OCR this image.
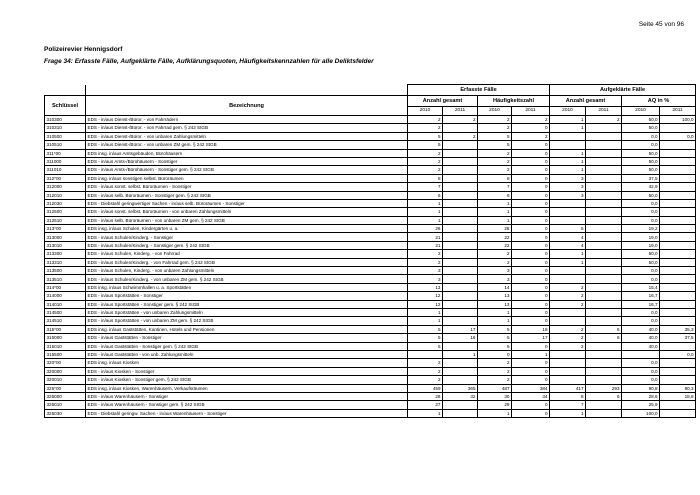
Seite 45 von 96
Polizeirevier Hennigsdorf
Frage 34: Erfasste Fälle, Aufgeklärte Fälle, Aufklärungsquoten, Häufigkeitskennzahlen für alle Deliktsfelder
		Erfasste Fälle				Aufgeklärte Fälle			
Schlüssel	Bezeichnung	Anzahl gesamt		Häufigkeitszahl		Anzahl gesamt		AQ in %	
		2010	2011	2010	2011	2010	2011	2010	2011
310300	EDS - in/aus Dienst-/Büror. - von Fahrrädern	2	2	2	2	1	2	50,0	100,0
310310	EDS - in/aus Dienst-/Büror. - von Fahrrad gem. § 242 StGB	2		2	0	1		50,0	
310500	EDS - in/aus Dienst-/Büror. - von unbaren Zahlungsmitteln	5	2	5	2			0,0	0,0
310510	EDS - in/aus Dienst-/Büror. - von unbaren ZM gem. § 242 StGB	5		5	0			0,0	
311*00	EDS insg. in/aus Amtsgebäuden, Bürohäusern	2		2	0	1		50,0	
311000	EDS - in/aus Amts-/Bürohäusern - Sonstiger	2		2	0	1		50,0	
311010	EDS - in/aus Amts-/Bürohäusern - Sonstiger gem. § 242 StGB	2		2	0	1		50,0	
312*00	EDS insg. in/aus sonstigen selbst. Büroräumen	8		8	0	3		37,5	
312000	EDS - in/aus sonst. selbst. Büroräumen - Sonstiger	7		7	0	3		42,9	
312010	EDS - in/aus selb. Büroräumen - Sonstiger gem. § 242 StGB	6		6	0	3		50,0	
312030	EDS - Diebstahl geringwertiger Sachen - in/aus selb. Büroräumen - Sonstiger	1		1	0			0,0	
312500	EDS - in/aus sonst. selbst. Büroräumen - von unbaren Zahlungsmitteln	1		1	0			0,0	
312510	EDS - in/aus selb. Büroräumen - von unbaren ZM gem. § 242 StGB	1		1	0			0,0	
313*00	EDS insg. in/aus Schulen, Kindergärten u. a.	26		28	0	5		19,2	
313000	EDS - in/aus Schulen/Kinderg. - Sonstiger	21		22	0	4		19,0	
313010	EDS - in/aus Schulen/Kinderg. - Sonstiger gem. § 242 StGB	21		22	0	4		19,0	
313300	EDS - in/aus Schulen, Kinderg. - von Fahrrad	2		2	0	1		50,0	
313310	EDS - in/aus Schulen/Kinderg. - von Fahrrad gem. § 242 StGB	2		2	0	1		50,0	
313500	EDS - in/aus Schulen, Kinderg. - von unbaren Zahlungsmitteln	3		3	0			0,0	
313510	EDS - in/aus Schulen/Kinderg. - von unbaren ZM gem. § 242 StGB	3		3	0			0,0	
314*00	EDS insg. in/aus Schwimmhallen u. a. Sportstätten	13		14	0	2		15,4	
314000	EDS - in/aus Sportstätten - Sonstiger	12		13	0	2		16,7	
314010	EDS - in/aus Sportstätten - Sonstiger gem. § 242 StGB	12		13	0	2		16,7	
314500	EDS - in/aus Sportstätten - von unbaren Zahlungsmitteln	1		1	0			0,0	
314510	EDS - in/aus Sportstätten - von unbaren ZM gem. § 242 StGB	1		1	0			0,0	
315*00	EDS insg. in/aus Gaststätten, Kantinen, Hotels und Pensionen	5	17	5	18	2	6	40,0	35,3
315000	EDS - in/aus Gaststätten - Sonstiger	5	16	5	17	2	6	40,0	37,5
315010	EDS - in/aus Gaststätten - Sonstiger gem. § 242 StGB	5		5	0	2		40,0	
315500	EDS - in/aus Gaststätten - von unb. Zahlungsmitteln		1	0	1				0,0
320*00	EDS insg. in/aus Kiosken	2		2	0			0,0	
320000	EDS - in/aus Kiosken - Sonstiger	2		2	0			0,0	
320010	EDS - in/aus Kiosken - Sonstiger gem. § 242 StGB	2		2	0			0,0	
325*00	EDS insg. in/aus Kiosken, Warenhäusern, Verkaufsräumen	459	365	487	384	417	293	90,8	80,3
325000	EDS - in/aus Warenhäusern - Sonstiger	28	32	30	34	8	6	28,6	18,8
325010	EDS - in/aus Warenhäusern - Sonstiger gem. § 242 StGB	27		29	0	7		25,9	
325030	EDS - Diebstahl geringw. Sachen - in/aus Warenhäusern - Sonstiger	1		1	0	1		100,0	
